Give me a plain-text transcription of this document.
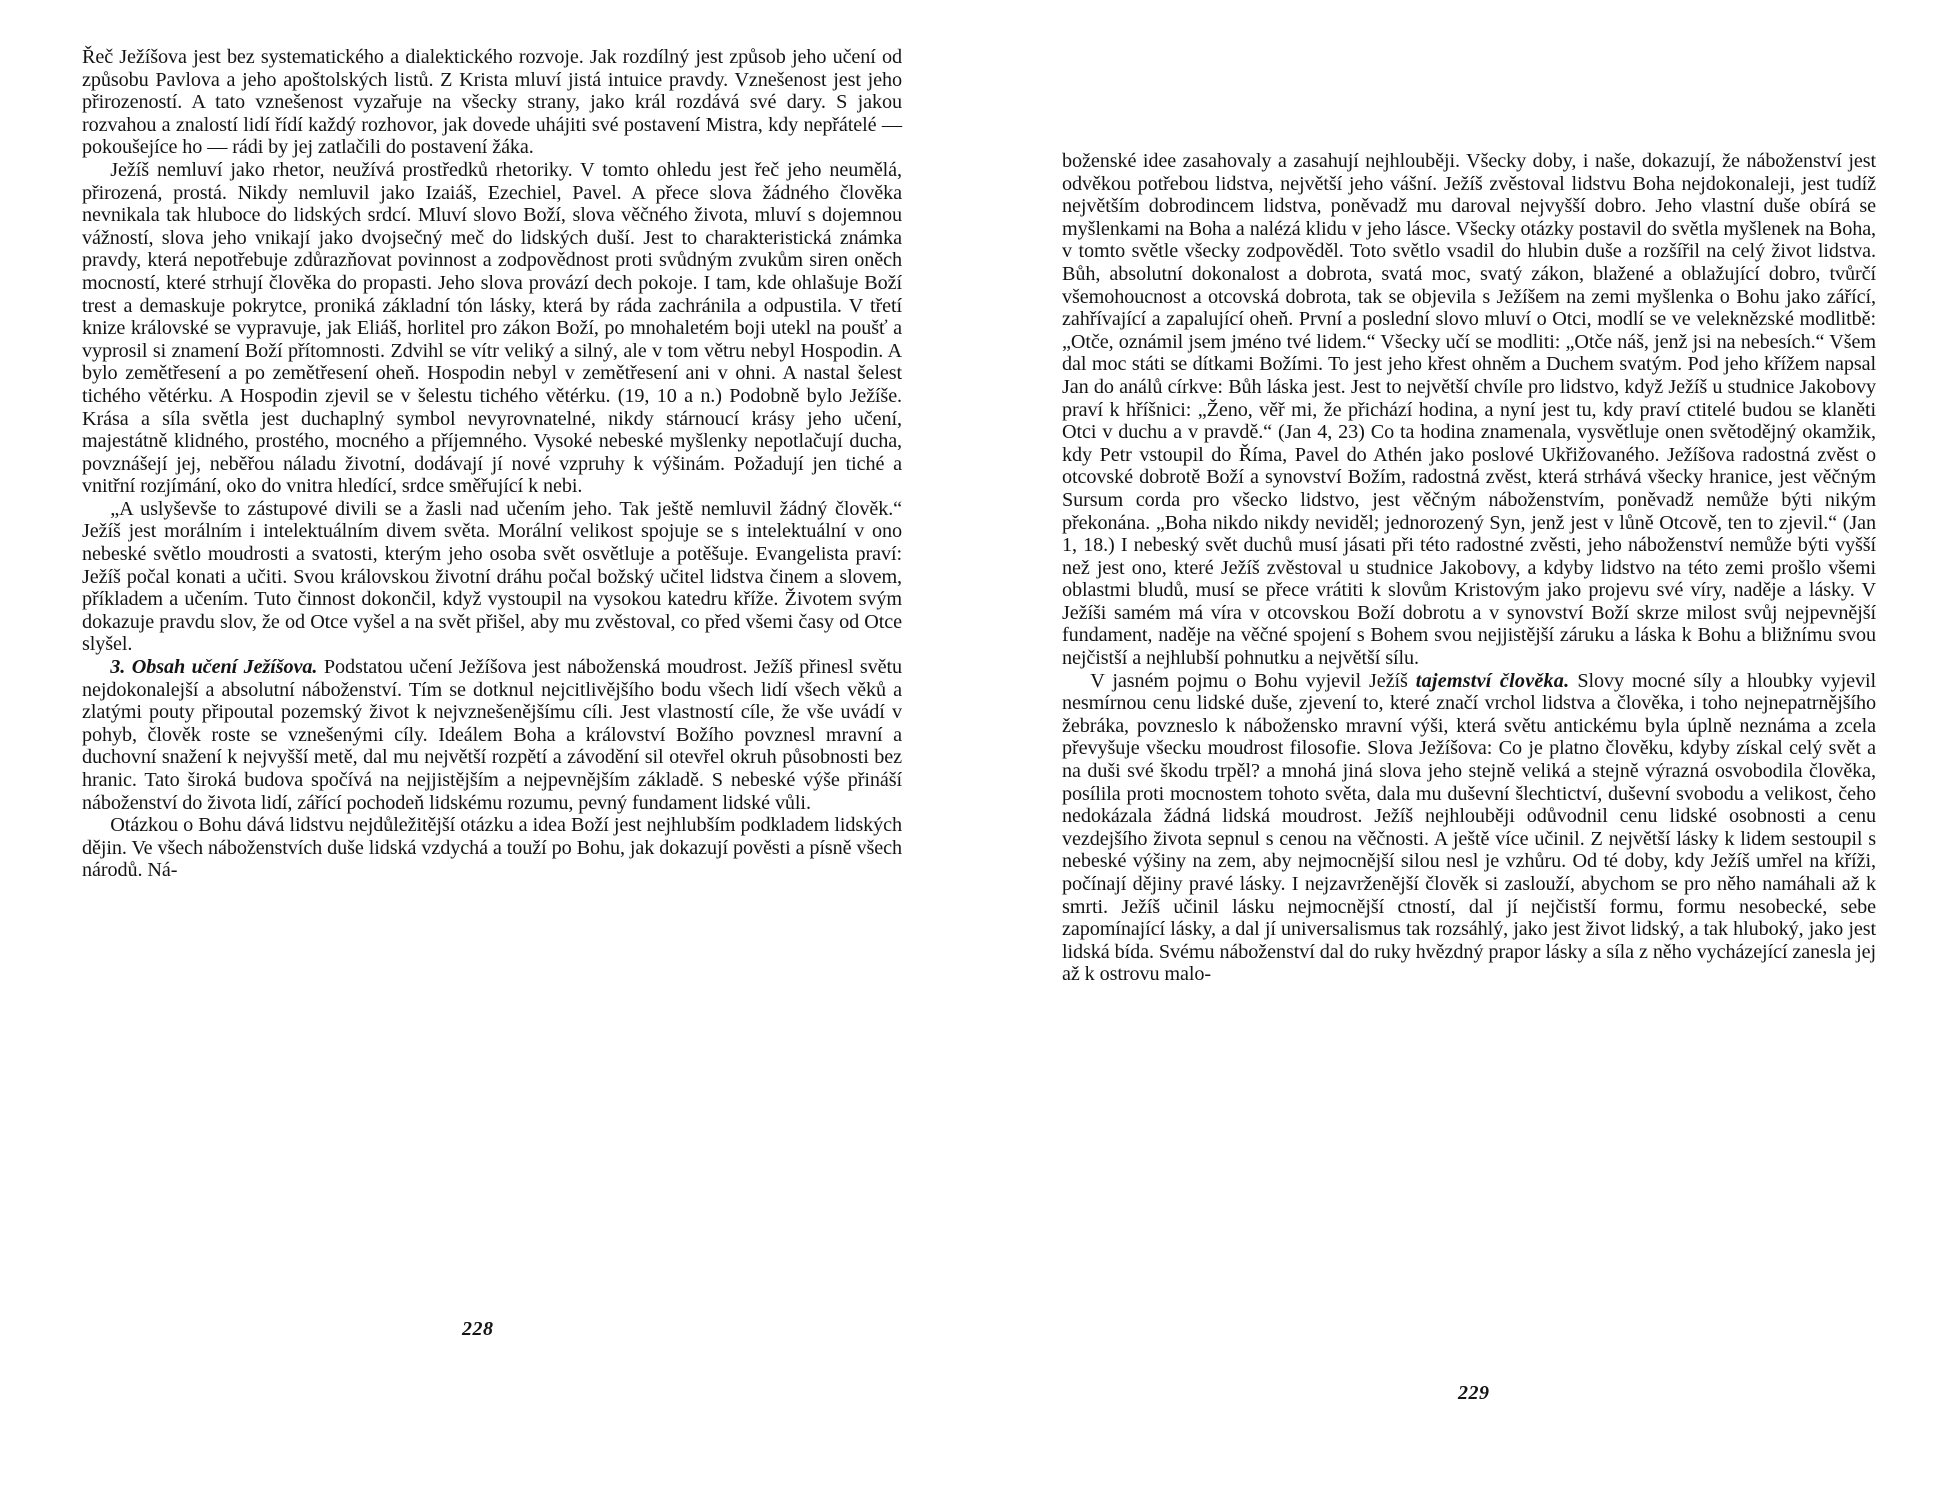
Řeč Ježíšova jest bez systematického a dialektického rozvoje. Jak rozdílný jest způsob jeho učení od způsobu Pavlova a jeho apoštolských listů. Z Krista mluví jistá intuice pravdy. Vznešenost jest jeho přirozeností. A tato vznešenost vyzařuje na všecky strany, jako král rozdává své dary. S jakou rozvahou a znalostí lidí řídí každý rozhovor, jak dovede uhájiti své postavení Mistra, kdy nepřátelé — pokoušejíce ho — rádi by jej zatlačili do postavení žáka.

Ježíš nemluví jako rhetor, neužívá prostředků rhetoriky. V tomto ohledu jest řeč jeho neumělá, přirozená, prostá. Nikdy nemluvil jako Izaiáš, Ezechiel, Pavel. A přece slova žádného člověka nevnikala tak hluboce do lidských srdcí. Mluví slovo Boží, slova věčného života, mluví s dojemnou vážností, slova jeho vnikají jako dvojsečný meč do lidských duší. Jest to charakteristická známka pravdy, která nepotřebuje zdůrazňovat povinnost a zodpovědnost proti svůdným zvukům siren oněch mocností, které strhují člověka do propasti. Jeho slova provází dech pokoje. I tam, kde ohlašuje Boží trest a demaskuje pokrytce, proniká základní tón lásky, která by ráda zachránila a odpustila. V třetí knize královské se vypravuje, jak Eliáš, horlitel pro zákon Boží, po mnohaletém boji utekl na poušť a vyprosil si znamení Boží přítomnosti. Zdvihl se vítr veliký a silný, ale v tom větru nebyl Hospodin. A bylo zemětřesení a po zemětřesení oheň. Hospodin nebyl v zemětřesení ani v ohni. A nastal šelest tichého větérku. A Hospodin zjevil se v šelestu tichého větérku. (19, 10 a n.) Podobně bylo Ježíše. Krása a síla světla jest duchaplný symbol nevyrovnatelné, nikdy stárnoucí krásy jeho učení, majestátně klidného, prostého, mocného a příjemného. Vysoké nebeské myšlenky nepotlačují ducha, povznášejí jej, neběřou náladu životní, dodávají jí nové vzpruhy k výšinám. Požadují jen tiché a vnitřní rozjímání, oko do vnitra hledící, srdce směřující k nebi.

„A uslyševše to zástupové divili se a žasli nad učením jeho. Tak ještě nemluvil žádný člověk.“ Ježíš jest morálním i intelektuálním divem světa. Morální velikost spojuje se s intelektuální v ono nebeské světlo moudrosti a svatosti, kterým jeho osoba svět osvětluje a potěšuje. Evangelista praví: Ježíš počal konati a učiti. Svou královskou životní dráhu počal božský učitel lidstva činem a slovem, příkladem a učením. Tuto činnost dokončil, když vystoupil na vysokou katedru kříže. Životem svým dokazuje pravdu slov, že od Otce vyšel a na svět přišel, aby mu zvěstoval, co před všemi časy od Otce slyšel.

3. Obsah učení Ježíšova. Podstatou učení Ježíšova jest náboženská moudrost. Ježíš přinesl světu nejdokonalejší a absolutní náboženství. Tím se dotknul nejcitlivějšího bodu všech lidí všech věků a zlatými pouty připoutal pozemský život k nejvznešenějšímu cíli. Jest vlastností cíle, že vše uvádí v pohyb, člověk roste se vznešenými cíly. Ideálem Boha a království Božího povznesl mravní a duchovní snažení k nejvyšší metě, dal mu největší rozpětí a závodění sil otevřel okruh působnosti bez hranic. Tato široká budova spočívá na nejjistějším a nejpevnějším základě. S nebeské výše přináší náboženství do života lidí, zářící pochodeň lidskému rozumu, pevný fundament lidské vůli.

Otázkou o Bohu dává lidstvu nejdůležitější otázku a idea Boží jest nejhlubším podkladem lidských dějin. Ve všech náboženstvích duše lidská vzdychá a touží po Bohu, jak dokazují pověsti a písně všech národů. Ná-

228

boženské idee zasahovaly a zasahují nejhlouběji. Všecky doby, i naše, dokazují, že náboženství jest odvěkou potřebou lidstva, největší jeho vášní. Ježíš zvěstoval lidstvu Boha nejdokonaleji, jest tudíž největším dobrodincem lidstva, poněvadž mu daroval nejvyšší dobro. Jeho vlastní duše obírá se myšlenkami na Boha a nalézá klidu v jeho lásce. Všecky otázky postavil do světla myšlenek na Boha, v tomto světle všecky zodpověděl. Toto světlo vsadil do hlubin duše a rozšířil na celý život lidstva. Bůh, absolutní dokonalost a dobrota, svatá moc, svatý zákon, blažené a oblažující dobro, tvůrčí všemohoucnost a otcovská dobrota, tak se objevila s Ježíšem na zemi myšlenka o Bohu jako zářící, zahřívající a zapalující oheň. První a poslední slovo mluví o Otci, modlí se ve veleknězské modlitbě: „Otče, oznámil jsem jméno tvé lidem.“ Všecky učí se modliti: „Otče náš, jenž jsi na nebesích.“ Všem dal moc státi se dítkami Božími. To jest jeho křest ohněm a Duchem svatým. Pod jeho křížem napsal Jan do análů církve: Bůh láska jest. Jest to největší chvíle pro lidstvo, když Ježíš u studnice Jakobovy praví k hříšnici: „Ženo, věř mi, že přichází hodina, a nyní jest tu, kdy praví ctitelé budou se klaněti Otci v duchu a v pravdě.“ (Jan 4, 23) Co ta hodina znamenala, vysvětluje onen světodějný okamžik, kdy Petr vstoupil do Říma, Pavel do Athén jako poslové Ukřižovaného. Ježíšova radostná zvěst o otcovské dobrotě Boží a synovství Božím, radostná zvěst, která strhává všecky hranice, jest věčným Sursum corda pro všecko lidstvo, jest věčným náboženstvím, poněvadž nemůže býti nikým překonána. „Boha nikdo nikdy neviděl; jednorozený Syn, jenž jest v lůně Otcově, ten to zjevil.“ (Jan 1, 18.) I nebeský svět duchů musí jásati při této radostné zvěsti, jeho náboženství nemůže býti vyšší než jest ono, které Ježíš zvěstoval u studnice Jakobovy, a kdyby lidstvo na této zemi prošlo všemi oblastmi bludů, musí se přece vrátiti k slovům Kristovým jako projevu své víry, naděje a lásky. V Ježíši samém má víra v otcovskou Boží dobrotu a v synovství Boží skrze milost svůj nejpevnější fundament, naděje na věčné spojení s Bohem svou nejjistější záruku a láska k Bohu a bližnímu svou nejčistší a nejhlubší pohnutku a největší sílu.

V jasném pojmu o Bohu vyjevil Ježíš tajemství člověka. Slovy mocné síly a hloubky vyjevil nesmírnou cenu lidské duše, zjevení to, které značí vrchol lidstva a člověka, i toho nejnepatrnějšího žebráka, povzneslo k náboženskо mravní výši, která světu antickému byla úplně neznáma a zcela převyšuje všecku moudrost filosofie. Slova Ježíšova: Co je platno člověku, kdyby získal celý svět a na duši své škodu trpěl? a mnohá jiná slova jeho stejně veliká a stejně výrazná osvobodila člověka, posílila proti mocnostem tohoto světa, dala mu duševní šlechtictví, duševní svobodu a velikost, čeho nedokázala žádná lidská moudrost. Ježíš nejhlouběji odůvodnil cenu lidské osobnosti a cenu vezdejšího života sepnul s cenou na věčnosti. A ještě více učinil. Z největší lásky k lidem sestoupil s nebeské výšiny na zem, aby nejmocnější silou nesl je vzhůru. Od té doby, kdy Ježíš umřel na kříži, počínají dějiny pravé lásky. I nejzavrženější člověk si zaslouží, abychom se pro něho namáhali až k smrti. Ježíš učinil lásku nejmocnější ctností, dal jí nejčistší formu, formu nesobecké, sebe zapomínající lásky, a dal jí universalismus tak rozsáhlý, jako jest život lidský, a tak hluboký, jako jest lidská bída. Svému náboženství dal do ruky hvězdný prapor lásky a síla z něho vycházející zanesla jej až k ostrovu malo-

229
